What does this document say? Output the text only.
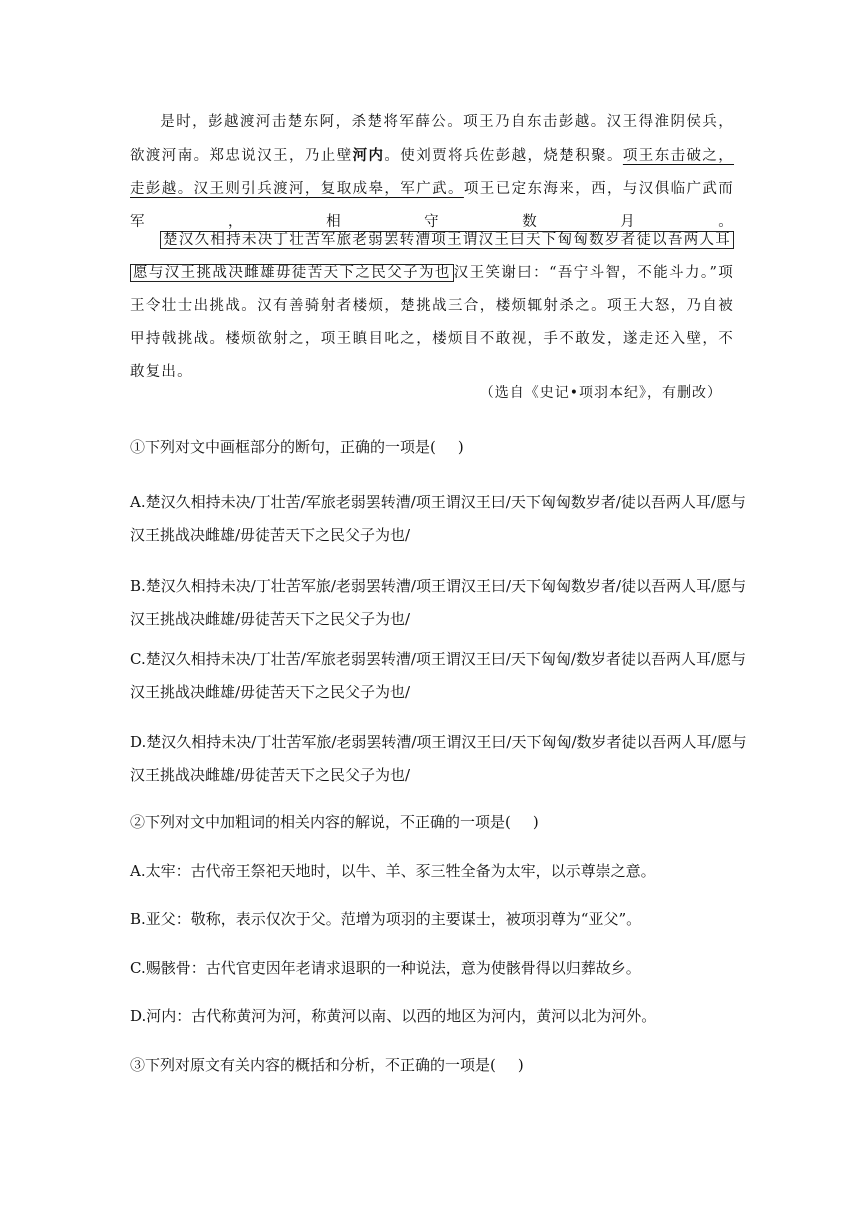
是时，彭越渡河击楚东阿，杀楚将军薛公。项王乃自东击彭越。汉王得淮阴侯兵，欲渡河南。郑忠说汉王，乃止壁河内。使刘贾将兵佐彭越，烧楚积聚。项王东击破之，走彭越。汉王则引兵渡河，复取成皋，军广武。项王已定东海来，西，与汉俱临广武而军，相守数月。
楚汉久相持未决丁壮苦军旅老弱罢转漕项王谓汉王曰天下匈匈数岁者徒以吾两人耳愿与汉王挑战决雌雄毋徒苦天下之民父子为也 汉王笑谢曰：“吾宁斗智，不能斗力。”项王令壮士出挑战。汉有善骑射者楼烦，楚挑战三合，楼烦辄射杀之。项王大怒，乃自被甲持戟挑战。楼烦欲射之，项王瞋目叱之，楼烦目不敢视，手不敢发，遂走还入壁，不敢复出。
（选自《史记•项羽本纪》，有删改）
①下列对文中画框部分的断句，正确的一项是( )
A.楚汉久相持未决/丁壮苦/军旅老弱罢转漕/项王谓汉王曰/天下匈匈数岁者/徒以吾两人耳/愿与汉王挑战决雌雄/毋徒苦天下之民父子为也/
B.楚汉久相持未决/丁壮苦军旅/老弱罢转漕/项王谓汉王曰/天下匈匈数岁者/徒以吾两人耳/愿与汉王挑战决雌雄/毋徒苦天下之民父子为也/
C.楚汉久相持未决/丁壮苦/军旅老弱罢转漕/项王谓汉王曰/天下匈匈/数岁者徒以吾两人耳/愿与汉王挑战决雌雄/毋徒苦天下之民父子为也/
D.楚汉久相持未决/丁壮苦军旅/老弱罢转漕/项王谓汉王曰/天下匈匈/数岁者徒以吾两人耳/愿与汉王挑战决雌雄/毋徒苦天下之民父子为也/
②下列对文中加粗词的相关内容的解说，不正确的一项是( )
A.太牢：古代帝王祭祀天地时，以牛、羊、豕三牲全备为太牢，以示尊崇之意。
B.亚父：敬称，表示仅次于父。范增为项羽的主要谋士，被项羽尊为“亚父”。
C.赐骸骨：古代官吏因年老请求退职的一种说法，意为使骸骨得以归葬故乡。
D.河内：古代称黄河为河，称黄河以南、以西的地区为河内，黄河以北为河外。
③下列对原文有关内容的概括和分析，不正确的一项是( )
